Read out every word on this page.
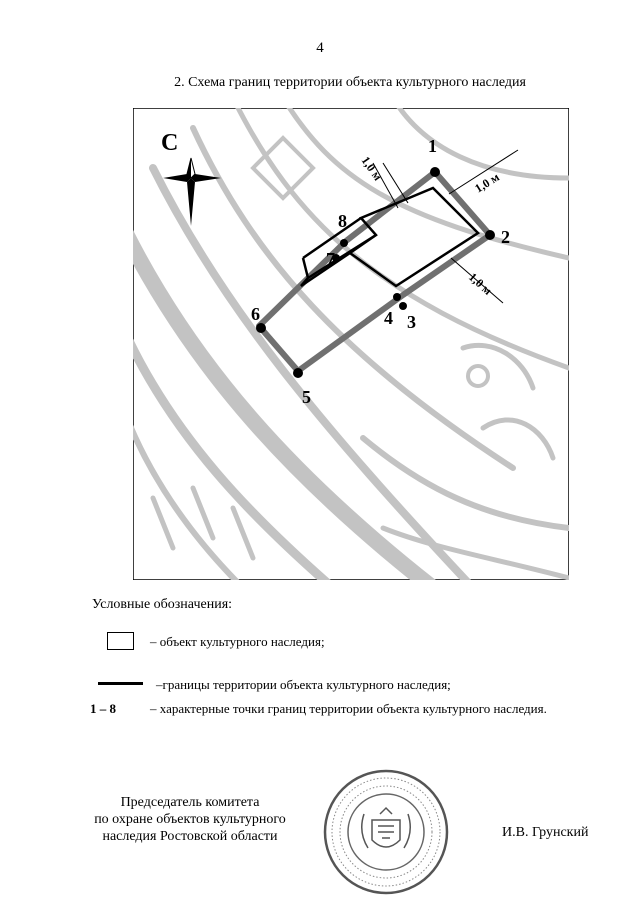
4
2. Схема границ территории объекта культурного наследия
С
1,0 м	1,0 м
1,0 м
1
2
3
4
5
6
7
8
Условные обозначения:
– объект культурного наследия;
–границы территории объекта культурного наследия;
1 – 8	– характерные точки границ территории объекта культурного наследия.
Председатель комитета
по охране объектов культурного
наследия Ростовской области	И.В. Грунский
